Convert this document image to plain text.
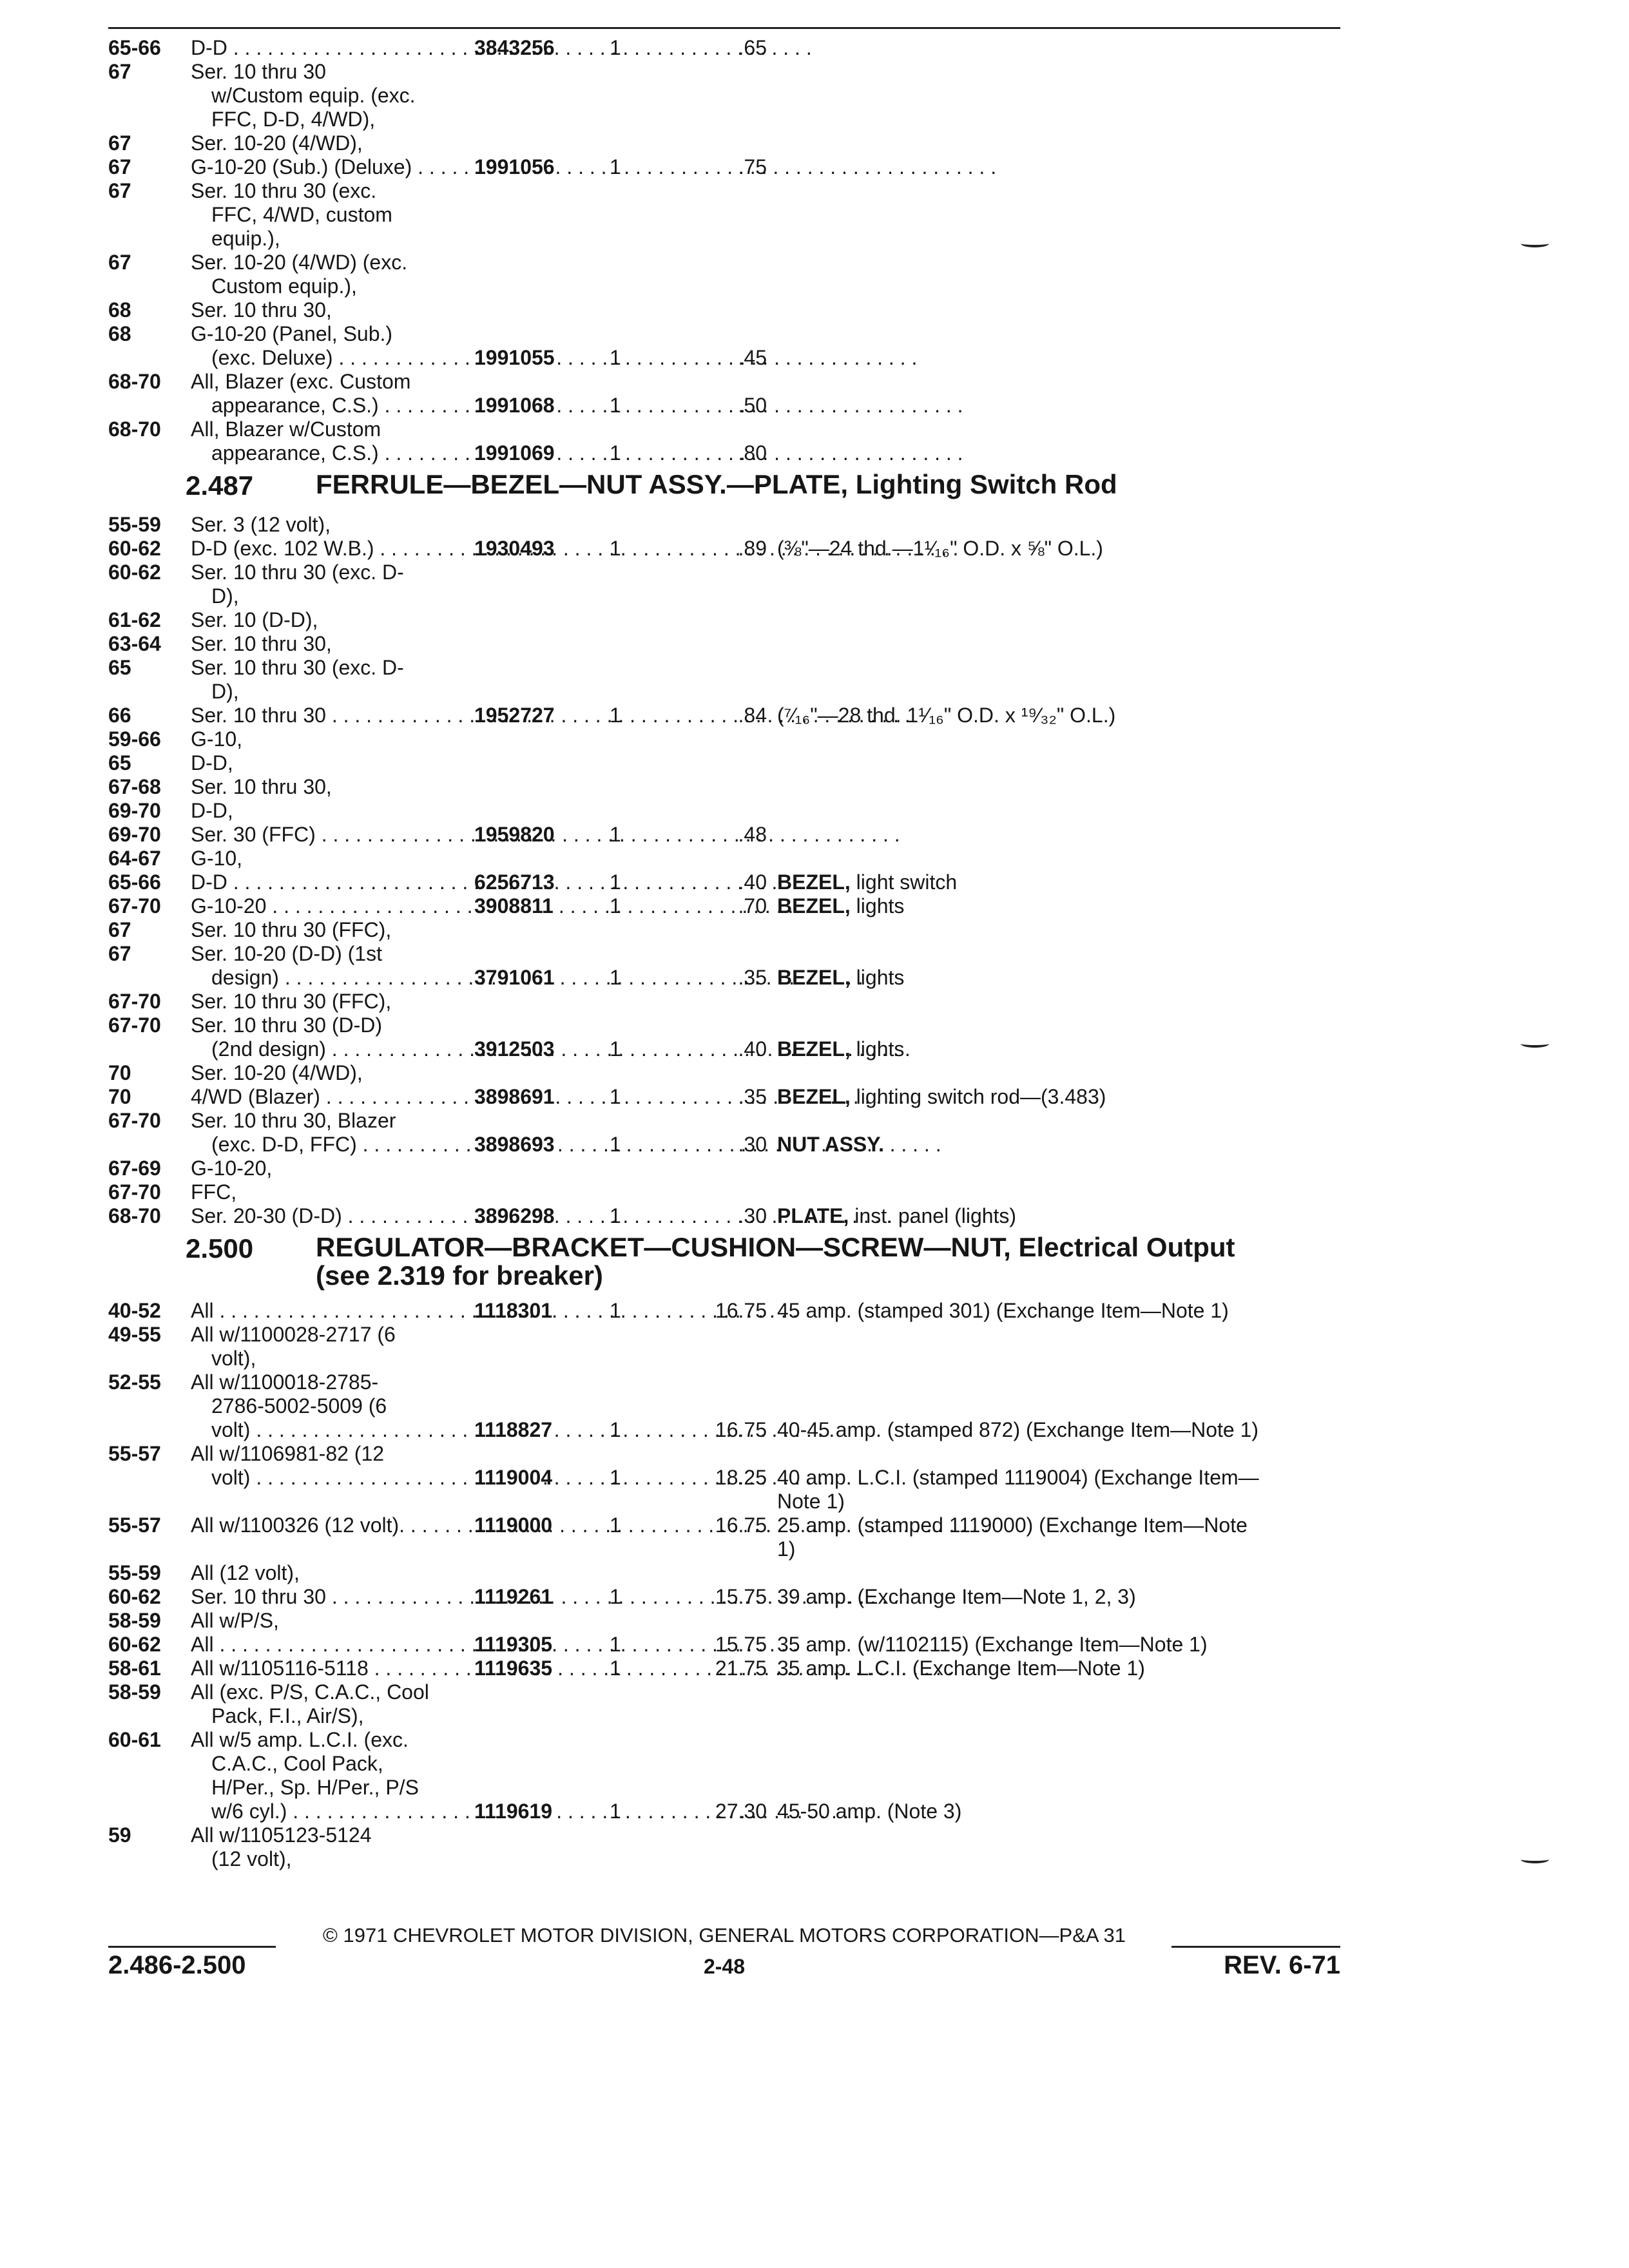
65-66 D-D . . .	3843256	1	.65
67	Ser. 10 thru 30
w/Custom equip. (exc.
FFC, D-D, 4/WD),
67	Ser. 10-20 (4/WD),
67	G-10-20 (Sub.) (Deluxe) . . .	1991056	1	.75
67	Ser. 10 thru 30 (exc.
FFC, 4/WD, custom
equip.),
67	Ser. 10-20 (4/WD) (exc.
Custom equip.),
68	Ser. 10 thru 30,
68	G-10-20 (Panel, Sub.)
(exc. Deluxe) . . .	1991055	1	.45
68-70 All, Blazer (exc. Custom
appearance, C.S.) . . .	1991068	1	.50
68-70 All, Blazer w/Custom
appearance, C.S.) . . .	1991069	1	.80
2.487 FERRULE—BEZEL—NUT ASSY.—PLATE, Lighting Switch Rod
55-59 Ser. 3 (12 volt),
60-62 D-D (exc. 102 W.B.) . . .	1930493	1	.89 (⅜"—24 thd.—1¹⁄₁₆" O.D. x ⅝" O.L.)
60-62 Ser. 10 thru 30 (exc. D-
D),
61-62 Ser. 10 (D-D),
63-64 Ser. 10 thru 30,
65	Ser. 10 thru 30 (exc. D-
D),
66	Ser. 10 thru 30 . . .	1952727	1	.84 (⁷⁄₁₆"—28 thd. 1¹⁄₁₆" O.D. x ¹⁹⁄₃₂" O.L.)
59-66 G-10,
65	D-D,
67-68 Ser. 10 thru 30,
69-70 D-D,
69-70 Ser. 30 (FFC) . . .	1959820	1	.48
64-67 G-10,
65-66 D-D . . .	6256713	1	.40 BEZEL, light switch
67-70 G-10-20 . . .	3908811	1	.70 BEZEL, lights
67	Ser. 10 thru 30 (FFC),
67	Ser. 10-20 (D-D) (1st
design) . . .	3791061	1	.35 BEZEL, lights
67-70 Ser. 10 thru 30 (FFC),
67-70 Ser. 10 thru 30 (D-D)
(2nd design) . . .	3912503	1	.40 BEZEL, lights
70	Ser. 10-20 (4/WD),
70	4/WD (Blazer) . . .	3898691	1	.35 BEZEL, lighting switch rod—(3.483)
67-70 Ser. 10 thru 30, Blazer
(exc. D-D, FFC) . . .	3898693	1	.30 NUT ASSY.
67-69 G-10-20,
67-70 FFC,
68-70 Ser. 20-30 (D-D) . . .	3896298	1	.30 PLATE, inst. panel (lights)
2.500 REGULATOR—BRACKET—CUSHION—SCREW—NUT, Electrical Output
(see 2.319 for breaker)
40-52 All . . .	1118301	1	16.75 45 amp. (stamped 301) (Exchange Item—Note 1)
49-55 All w/1100028-2717 (6
volt),
52-55 All w/1100018-2785-
2786-5002-5009 (6
volt) . . .	1118827	1	16.75 40-45 amp. (stamped 872) (Exchange Item—Note 1)
55-57 All w/1106981-82 (12
volt) . . .	1119004	1	18.25 40 amp. L.C.I. (stamped 1119004) (Exchange Item—
Note 1)
55-57 All w/1100326 (12 volt). . . .	1119000	1	16.75 25 amp. (stamped 1119000) (Exchange Item—Note
1)
55-59 All (12 volt),
60-62 Ser. 10 thru 30 . . .	1119261	1	15.75 39 amp. (Exchange Item—Note 1, 2, 3)
58-59 All w/P/S,
60-62 All . . .	1119305	1	15.75 35 amp. (w/1102115) (Exchange Item—Note 1)
58-61 All w/1105116-5118 . . .	1119635	1	21.75 35 amp. L.C.I. (Exchange Item—Note 1)
58-59 All (exc. P/S, C.A.C., Cool
Pack, F.I., Air/S),
60-61 All w/5 amp. L.C.I. (exc.
C.A.C., Cool Pack,
H/Per., Sp. H/Per., P/S
w/6 cyl.) . . .	1119619	1	27.30 45-50 amp. (Note 3)
59	All w/1105123-5124
(12 volt),
© 1971 CHEVROLET MOTOR DIVISION, GENERAL MOTORS CORPORATION—P&A 31
2.486-2.500	2-48	REV. 6-71
